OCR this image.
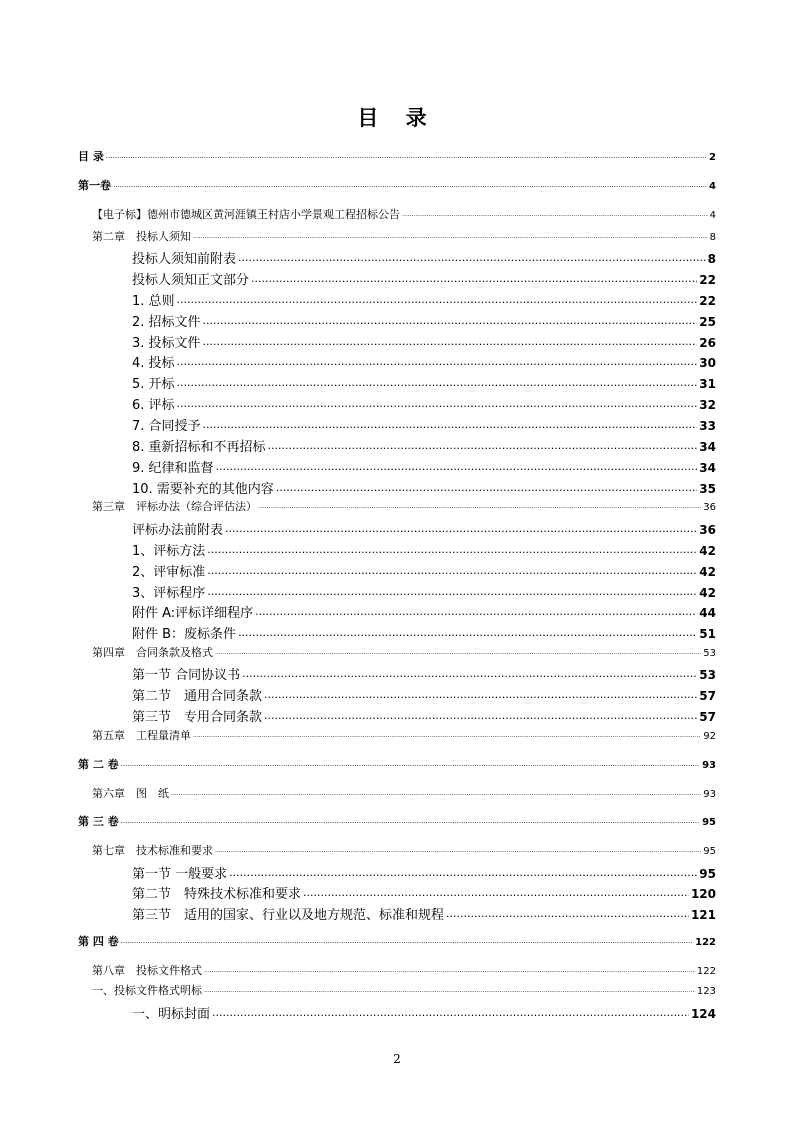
目 录
目 录 .....	2
第一卷 .....	4
【电子标】德州市德城区黄河涯镇王村店小学景观工程招标公告 .....	4
第二章　投标人须知 .....	8
投标人须知前附表 .....	8
投标人须知正文部分 .....	22
1. 总则 .....	22
2. 招标文件 .....	25
3. 投标文件 .....	26
4. 投标 .....	30
5. 开标 .....	31
6. 评标 .....	32
7. 合同授予 .....	33
8. 重新招标和不再招标 .....	34
9. 纪律和监督 .....	34
10. 需要补充的其他内容 .....	35
第三章　评标办法（综合评估法） .....	36
评标办法前附表 .....	36
1、评标方法 .....	42
2、评审标准 .....	42
3、评标程序 .....	42
附件 A:评标详细程序 .....	44
附件 B：废标条件 .....	51
第四章　合同条款及格式 .....	53
第一节 合同协议书 .....	53
第二节　通用合同条款 .....	57
第三节　专用合同条款 .....	57
第五章　工程量清单 .....	92
第 二 卷 .....	93
第六章　图　纸 .....	93
第 三 卷 .....	95
第七章　技术标准和要求 .....	95
第一节 一般要求 .....	95
第二节　特殊技术标准和要求 .....	120
第三节　适用的国家、行业以及地方规范、标准和规程 .....	121
第 四 卷 .....	122
第八章　投标文件格式 .....	122
一、投标文件格式明标 .....	123
一、明标封面 .....	124
2
